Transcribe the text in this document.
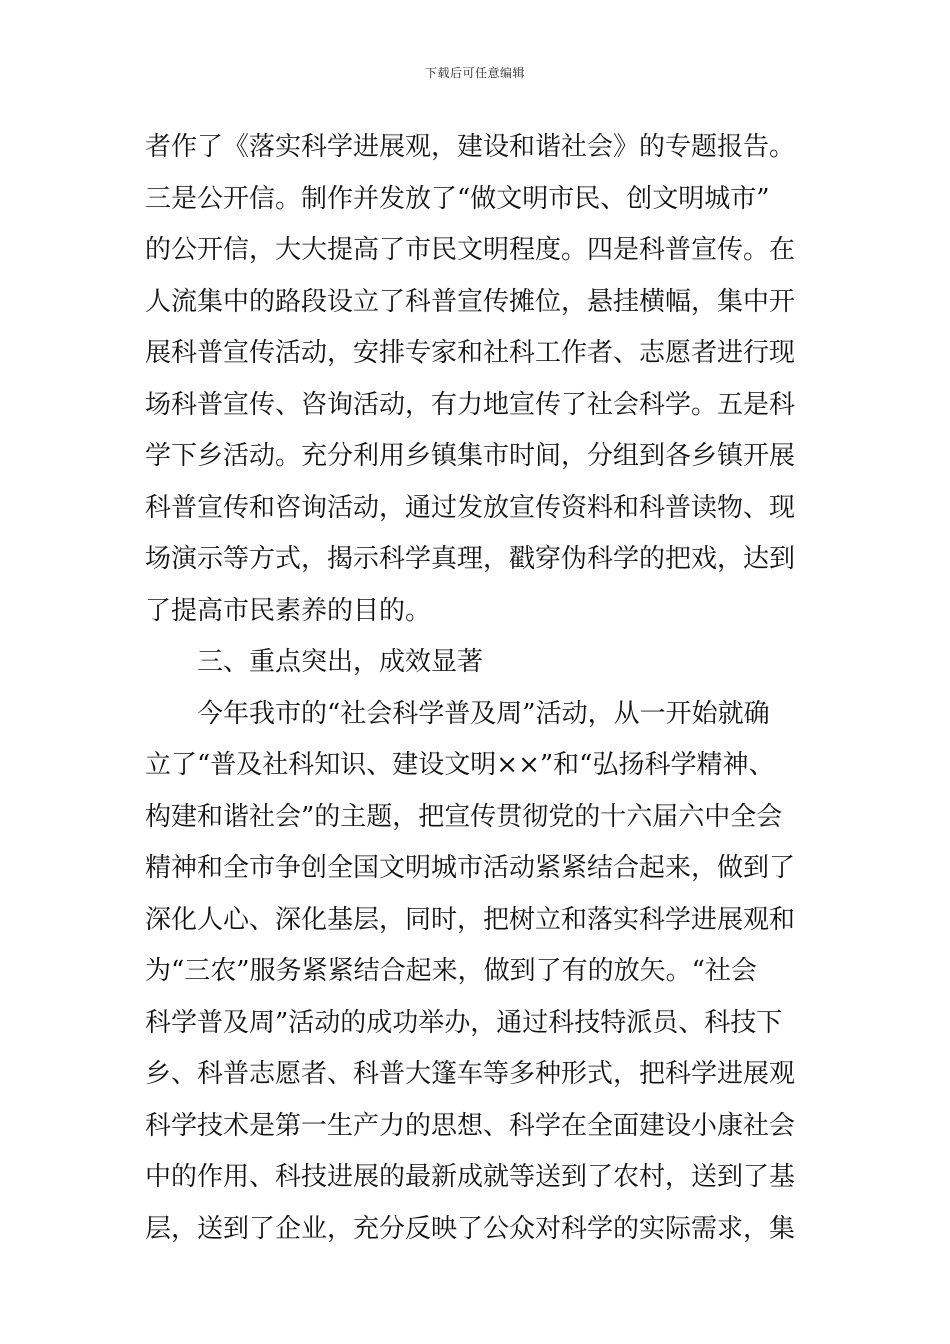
下载后可任意编辑
者作了《落实科学进展观，建设和谐社会》的专题报告。
三是公开信。制作并发放了“做文明市民、创文明城市”
的公开信，大大提高了市民文明程度。四是科普宣传。在
人流集中的路段设立了科普宣传摊位，悬挂横幅，集中开
展科普宣传活动，安排专家和社科工作者、志愿者进行现
场科普宣传、咨询活动，有力地宣传了社会科学。五是科
学下乡活动。充分利用乡镇集市时间，分组到各乡镇开展
科普宣传和咨询活动，通过发放宣传资料和科普读物、现
场演示等方式，揭示科学真理，戳穿伪科学的把戏，达到
了提高市民素养的目的。
三、重点突出，成效显著
今年我市的“社会科学普及周”活动，从一开始就确
立了“普及社科知识、建设文明××”和“弘扬科学精神、
构建和谐社会”的主题，把宣传贯彻党的十六届六中全会
精神和全市争创全国文明城市活动紧紧结合起来，做到了
深化人心、深化基层，同时，把树立和落实科学进展观和
为“三农”服务紧紧结合起来，做到了有的放矢。“社会
科学普及周”活动的成功举办，通过科技特派员、科技下
乡、科普志愿者、科普大篷车等多种形式，把科学进展观
科学技术是第一生产力的思想、科学在全面建设小康社会
中的作用、科技进展的最新成就等送到了农村，送到了基
层，送到了企业，充分反映了公众对科学的实际需求，集
